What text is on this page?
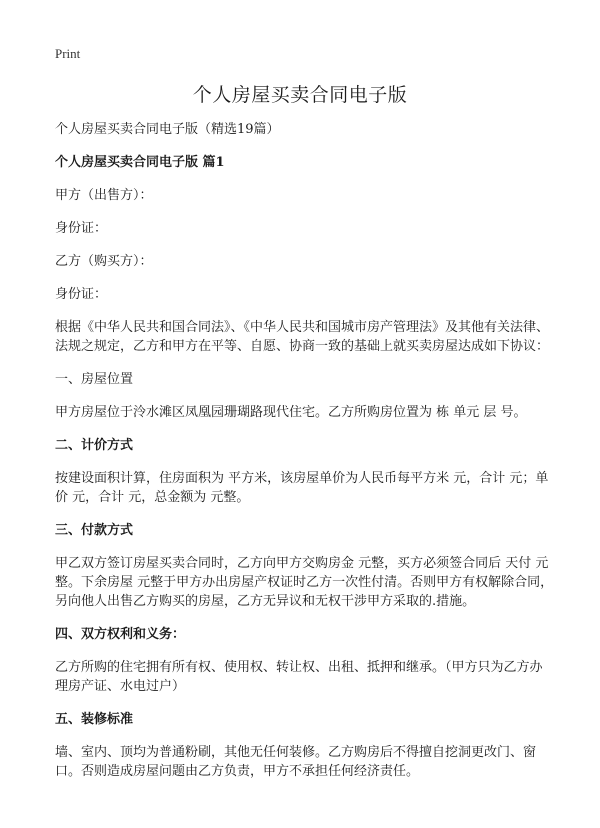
Print
个人房屋买卖合同电子版

个人房屋买卖合同电子版（精选19篇）

个人房屋买卖合同电子版 篇1

甲方（出售方）：

身份证：

乙方（购买方）：

身份证：

根据《中华人民共和国合同法》、《中华人民共和国城市房产管理法》及其他有关法律、法规之规定，乙方和甲方在平等、自愿、协商一致的基础上就买卖房屋达成如下协议：

一、房屋位置

甲方房屋位于泠水滩区凤凰园珊瑚路现代住宅。乙方所购房位置为 栋 单元 层 号。

二、计价方式

按建设面积计算，住房面积为 平方米，该房屋单价为人民币每平方米 元，合计 元；单价 元，合计 元，总金额为 元整。

三、付款方式

甲乙双方签订房屋买卖合同时，乙方向甲方交购房金 元整，买方必须签合同后 天付 元整。下余房屋 元整于甲方办出房屋产权证时乙方一次性付清。否则甲方有权解除合同，另向他人出售乙方购买的房屋，乙方无异议和无权干涉甲方采取的.措施。

四、双方权利和义务：

乙方所购的住宅拥有所有权、使用权、转让权、出租、抵押和继承。（甲方只为乙方办理房产证、水电过户）

五、装修标准

墙、室内、顶均为普通粉刷，其他无任何装修。乙方购房后不得擅自挖洞更改门、窗口。否则造成房屋问题由乙方负责，甲方不承担任何经济责任。
